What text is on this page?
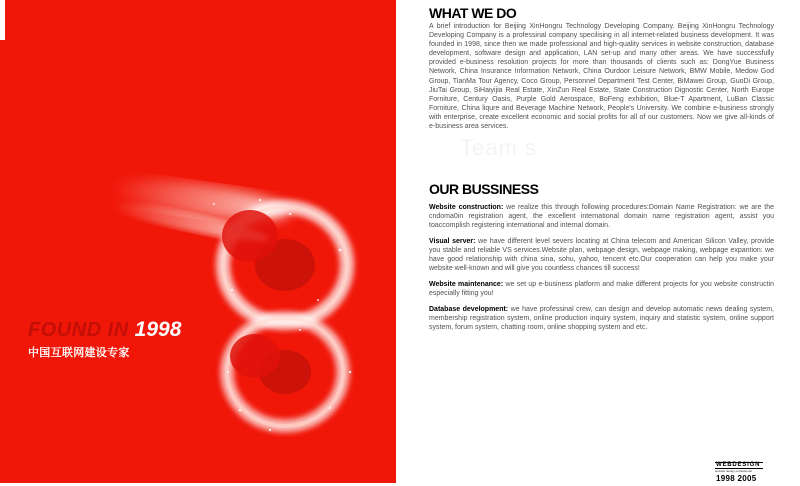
FOUND IN 1998
中国互联网建设专家
WHAT WE DO

A brief introduction for Beijing XinHongru Technology Developing Company. Beijing XinHongru Technology Developing Company is a professinal company specilising in all internet-related business development. It was founded in 1998, since then we made professional and high-quality services in website construction, database development, software design and application, LAN set-up and many other areas. We have successfully provided e-business resolution projects for more than thousands of clients such as: DongYue Business Network, China Insurance Information Network, China Ourdoor Leisure Network, BMW Mobile, Medow God Group, TianMa Tour Agency, Coco Group, Personnel Department Test Center, BiMawei Group, GuoDi Group, JiuTai Group, SiHaiyijia Real Estate, XinZun Real Estate, State Construction Dignostic Center, North Europe Forniture, Century Oasis, Purple Gold Aerospace, BoFeng exhibition, Blue-T Apartment, LuBan Classic Forniture, China liqure and Beverage Machine Network, People's University. We combine e-business strongly with enterprise, create excellent economic and social profits for all of our customers. Now we give all-kinds of e-business area services.

Team s
OUR BUSSINESS

Website construction: we realize this through following procedures:Domain Name Registration: we are the cndoma0in registration agent, the excellent international domain name registration agent, assist you toaccomplish registering international and internal domain.

Visual server: we have different level severs locating at China telecom and American Silicon Valley, provide you stable and reliable VS services.Website plan, webpage design, webpage making, webpage expantion: we have good relationship with china sina, sohu, yahoo, tencent etc.Our cooperation can help you make your website well-known and will give you countless chances till success!

Website maintenance: we set up e-business platform and make different projects for you website constructin especially fitting you!

Database development: we have professinal crew, can design and develop automatic news dealing system, membership registration system, online production inquiry system, inquiry and statistic system, online support system, forum system, chatting room, online shopping system and etc.

WEBDESIGN
website design professional
1998 2005
